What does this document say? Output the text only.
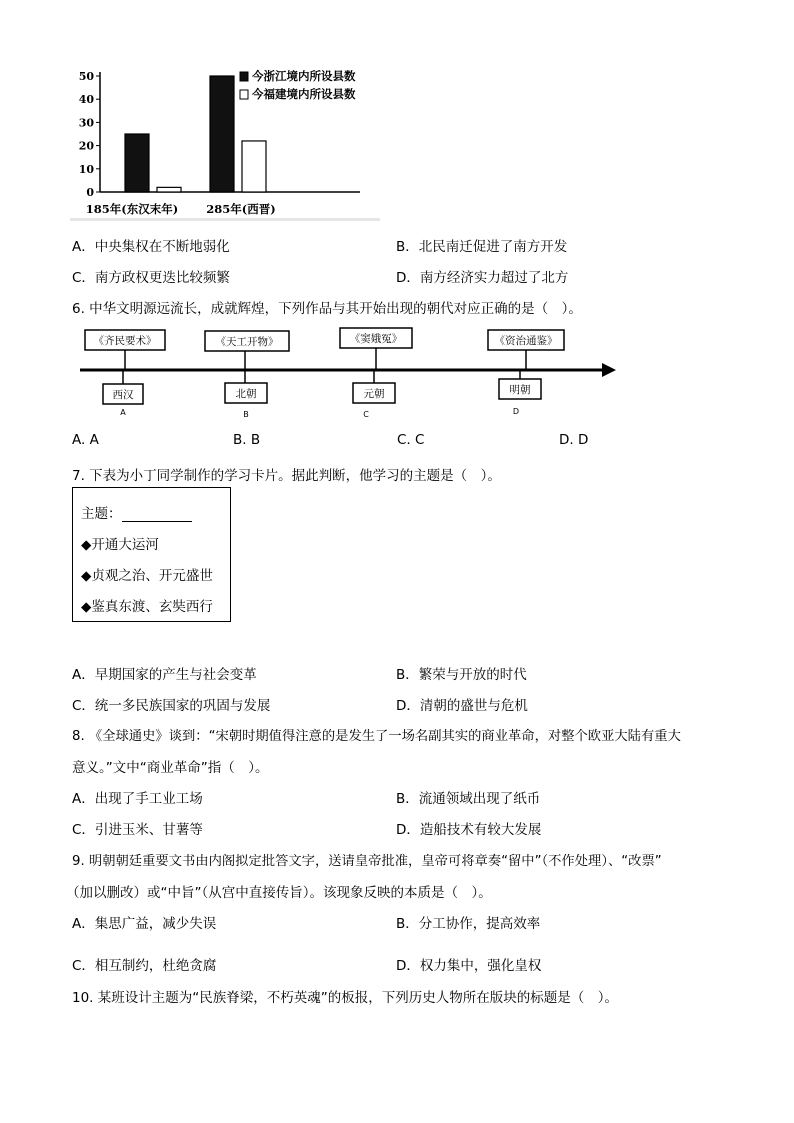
0
10
20
30
40
50
185年(东汉末年) 285年(西晋)
今浙江境内所设县数
今福建境内所设县数
A．中央集权在不断地弱化	B．北民南迁促进了南方开发
C．南方政权更迭比较频繁	D．南方经济实力超过了北方
6. 中华文明源远流长，成就辉煌，下列作品与其开始出现的朝代对应正确的是（　）。
《齐民要术》	《天工开物》	《窦娥冤》	《资治通鉴》
西汉
A
北朝
B
元朝
C
明朝
D
A. A	B. B	C. C	D. D
7. 下表为小丁同学制作的学习卡片。据此判断，他学习的主题是（　）。
主题：
◆开通大运河
◆贞观之治、开元盛世
◆鉴真东渡、玄奘西行
A．早期国家的产生与社会变革	B．繁荣与开放的时代
C．统一多民族国家的巩固与发展	D．清朝的盛世与危机
8. 《全球通史》谈到：“宋朝时期值得注意的是发生了一场名副其实的商业革命，对整个欧亚大陆有重大
意义。”文中“商业革命”指（　）。
A．出现了手工业工场	B．流通领域出现了纸币
C．引进玉米、甘薯等	D．造船技术有较大发展
9. 明朝朝廷重要文书由内阁拟定批答文字，送请皇帝批准，皇帝可将章奏“留中”（不作处理）、“改票”
（加以删改）或“中旨”（从宫中直接传旨）。该现象反映的本质是（　）。
A．集思广益，减少失误	B．分工协作，提高效率
C．相互制约，杜绝贪腐	D．权力集中，强化皇权
10. 某班设计主题为“民族脊梁，不朽英魂”的板报，下列历史人物所在版块的标题是（　）。
